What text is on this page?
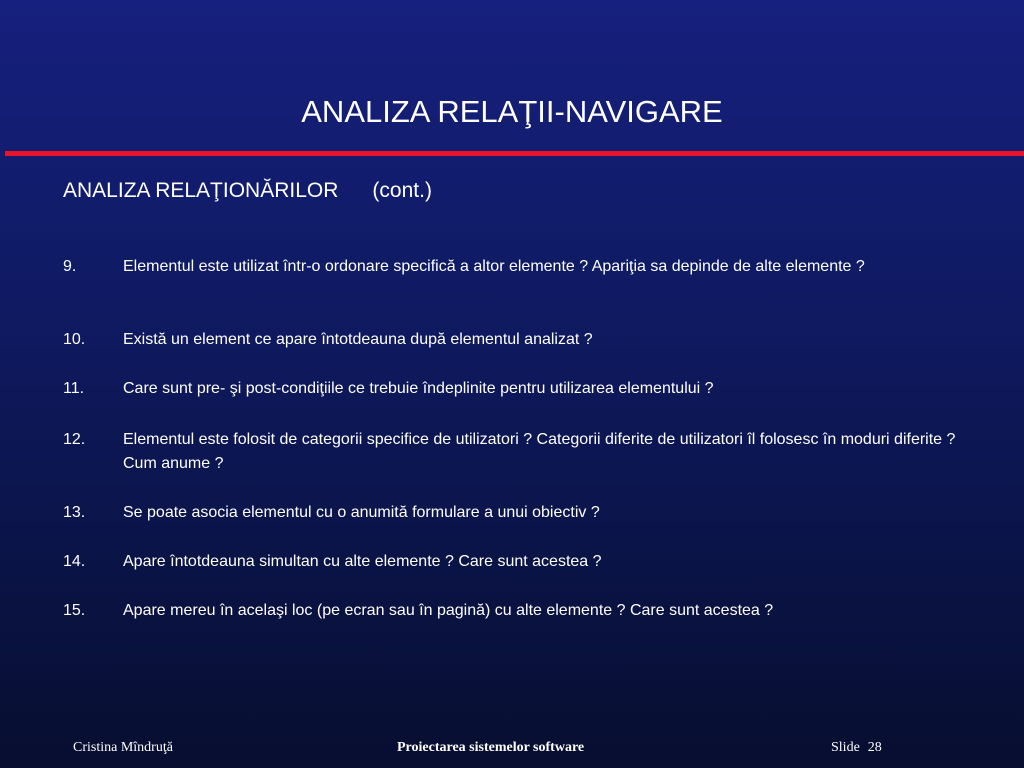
ANALIZA RELAŢII-NAVIGARE
ANALIZA RELAŢIONĂRILOR (cont.)
9.	Elementul este utilizat într-o ordonare specifică a altor elemente ? Apariţia sa depinde de alte elemente ?
10. Există un element ce apare întotdeauna după elementul analizat ?
11. Care sunt pre- şi post-condiţiile ce trebuie îndeplinite pentru utilizarea elementului ?
12. Elementul este folosit de categorii specifice de utilizatori ? Categorii diferite de utilizatori îl folosesc în moduri diferite ? Cum anume ?
13. Se poate asocia elementul cu o anumită formulare a unui obiectiv ?
14. Apare întotdeauna simultan cu alte elemente ? Care sunt acestea ?
15. Apare mereu în acelaşi loc (pe ecran sau în pagină) cu alte elemente ? Care sunt acestea ?
Cristina Mîndruţă	Proiectarea sistemelor software	Slide 28
